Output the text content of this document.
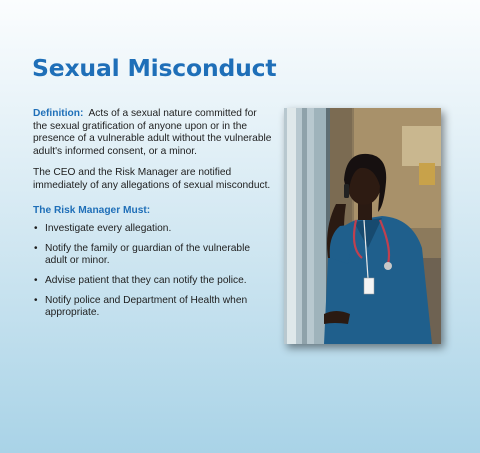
Sexual Misconduct

Definition: Acts of a sexual nature committed for the sexual gratification of anyone upon or in the presence of a vulnerable adult without the vulnerable adult's informed consent, or a minor.

The CEO and the Risk Manager are notified immediately of any allegations of sexual misconduct.

The Risk Manager Must:

• Investigate every allegation.
• Notify the family or guardian of the vulnerable adult or minor.
• Advise patient that they can notify the police.
• Notify police and Department of Health when appropriate.
